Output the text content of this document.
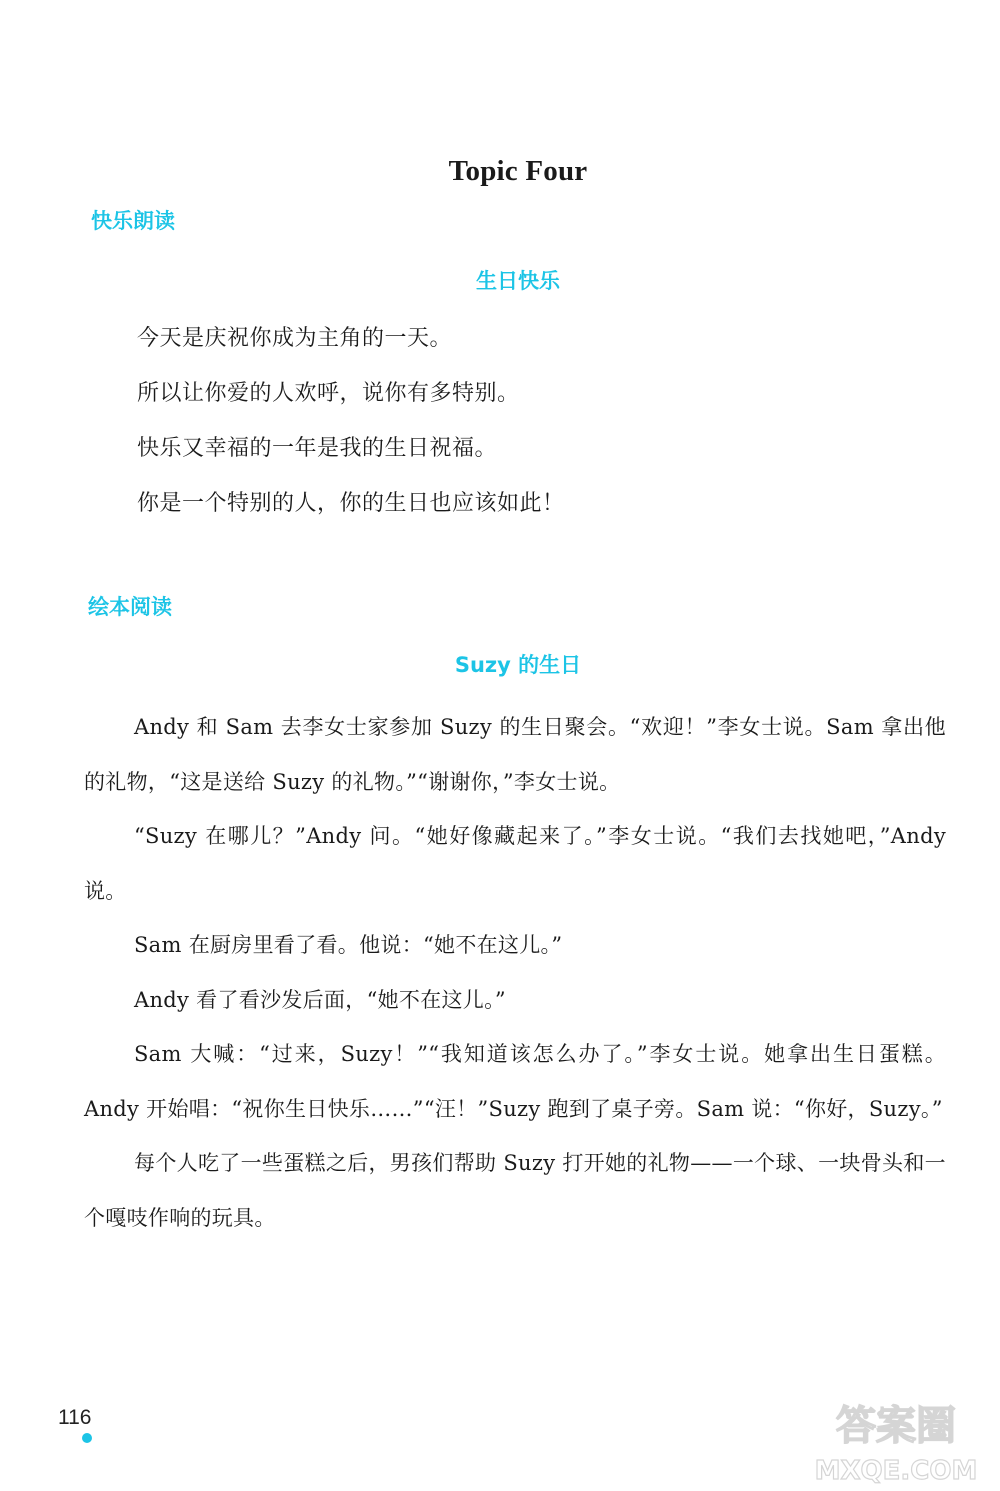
Topic Four
快乐朗读
生日快乐
今天是庆祝你成为主角的一天。
所以让你爱的人欢呼，说你有多特别。
快乐又幸福的一年是我的生日祝福。
你是一个特别的人，你的生日也应该如此！
绘本阅读
Suzy 的生日

Andy 和 Sam 去李女士家参加 Suzy 的生日聚会。“欢迎！”李女士说。Sam 拿出他的礼物，“这是送给 Suzy 的礼物。”“谢谢你，”李女士说。

“Suzy 在哪儿？”Andy 问。“她好像藏起来了。”李女士说。“我们去找她吧，”Andy 说。

Sam 在厨房里看了看。他说：“她不在这儿。”

Andy 看了看沙发后面，“她不在这儿。”

Sam 大喊：“过来，Suzy！”“我知道该怎么办了。”李女士说。她拿出生日蛋糕。Andy 开始唱：“祝你生日快乐……”“汪！”Suzy 跑到了桌子旁。Sam 说：“你好，Suzy。”

每个人吃了一些蛋糕之后，男孩们帮助 Suzy 打开她的礼物——一个球、一块骨头和一个嘎吱作响的玩具。

116	答案圈
MXQE.COM
